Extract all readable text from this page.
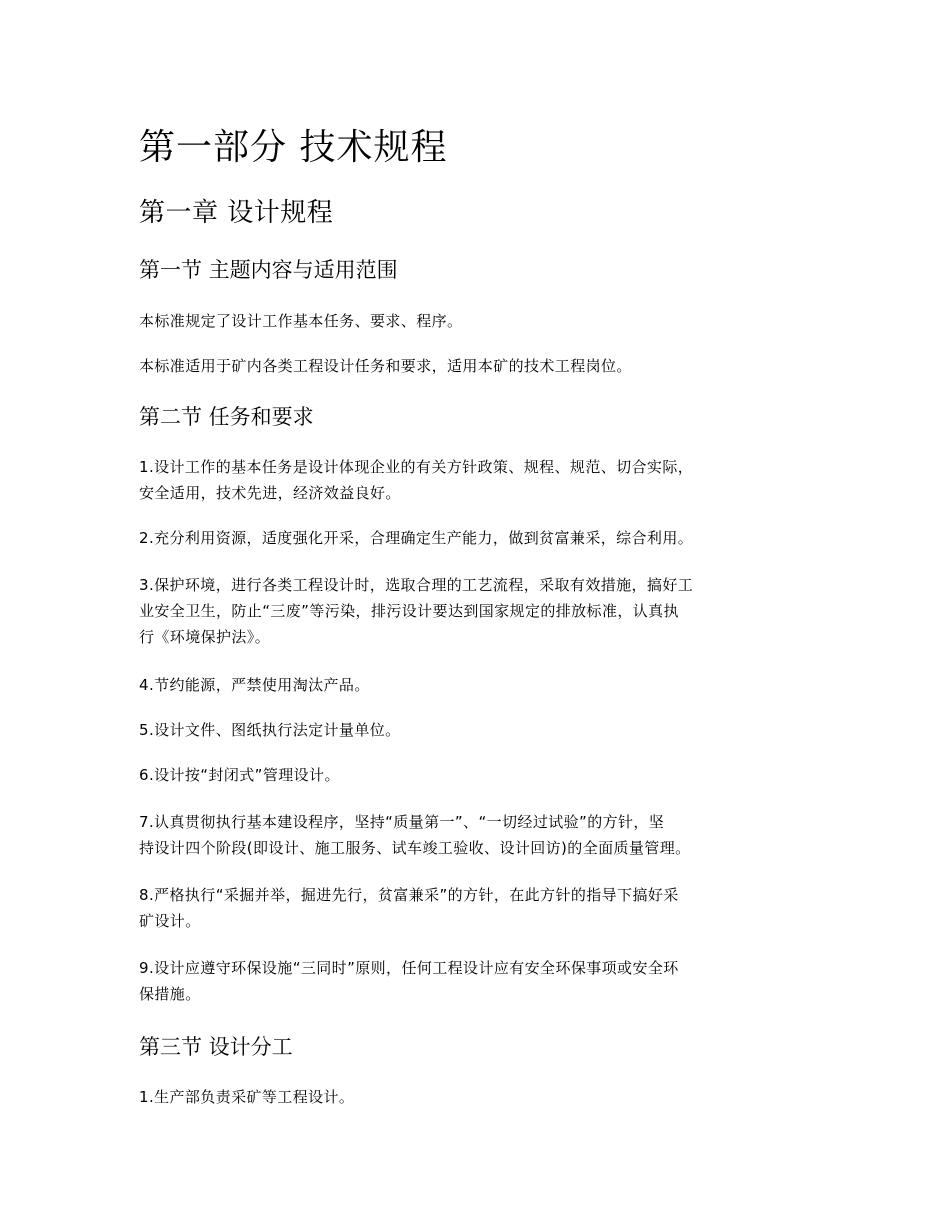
第一部分 技术规程
第一章 设计规程
第一节 主题内容与适用范围

本标准规定了设计工作基本任务、要求、程序。

本标准适用于矿内各类工程设计任务和要求，适用本矿的技术工程岗位。

第二节 任务和要求

1.设计工作的基本任务是设计体现企业的有关方针政策、规程、规范、切合实际，
安全适用，技术先进，经济效益良好。

2.充分利用资源，适度强化开采，合理确定生产能力，做到贫富兼采，综合利用。

3.保护环境，进行各类工程设计时，选取合理的工艺流程，采取有效措施，搞好工
业安全卫生，防止“三废”等污染，排污设计要达到国家规定的排放标准，认真执
行《环境保护法》。

4.节约能源，严禁使用淘汰产品。

5.设计文件、图纸执行法定计量单位。

6.设计按“封闭式”管理设计。

7.认真贯彻执行基本建设程序，坚持“质量第一”、“一切经过试验”的方针，坚
持设计四个阶段(即设计、施工服务、试车竣工验收、设计回访)的全面质量管理。

8.严格执行“采掘并举，掘进先行，贫富兼采”的方针，在此方针的指导下搞好采
矿设计。

9.设计应遵守环保设施“三同时”原则，任何工程设计应有安全环保事项或安全环
保措施。

第三节 设计分工

1.生产部负责采矿等工程设计。
